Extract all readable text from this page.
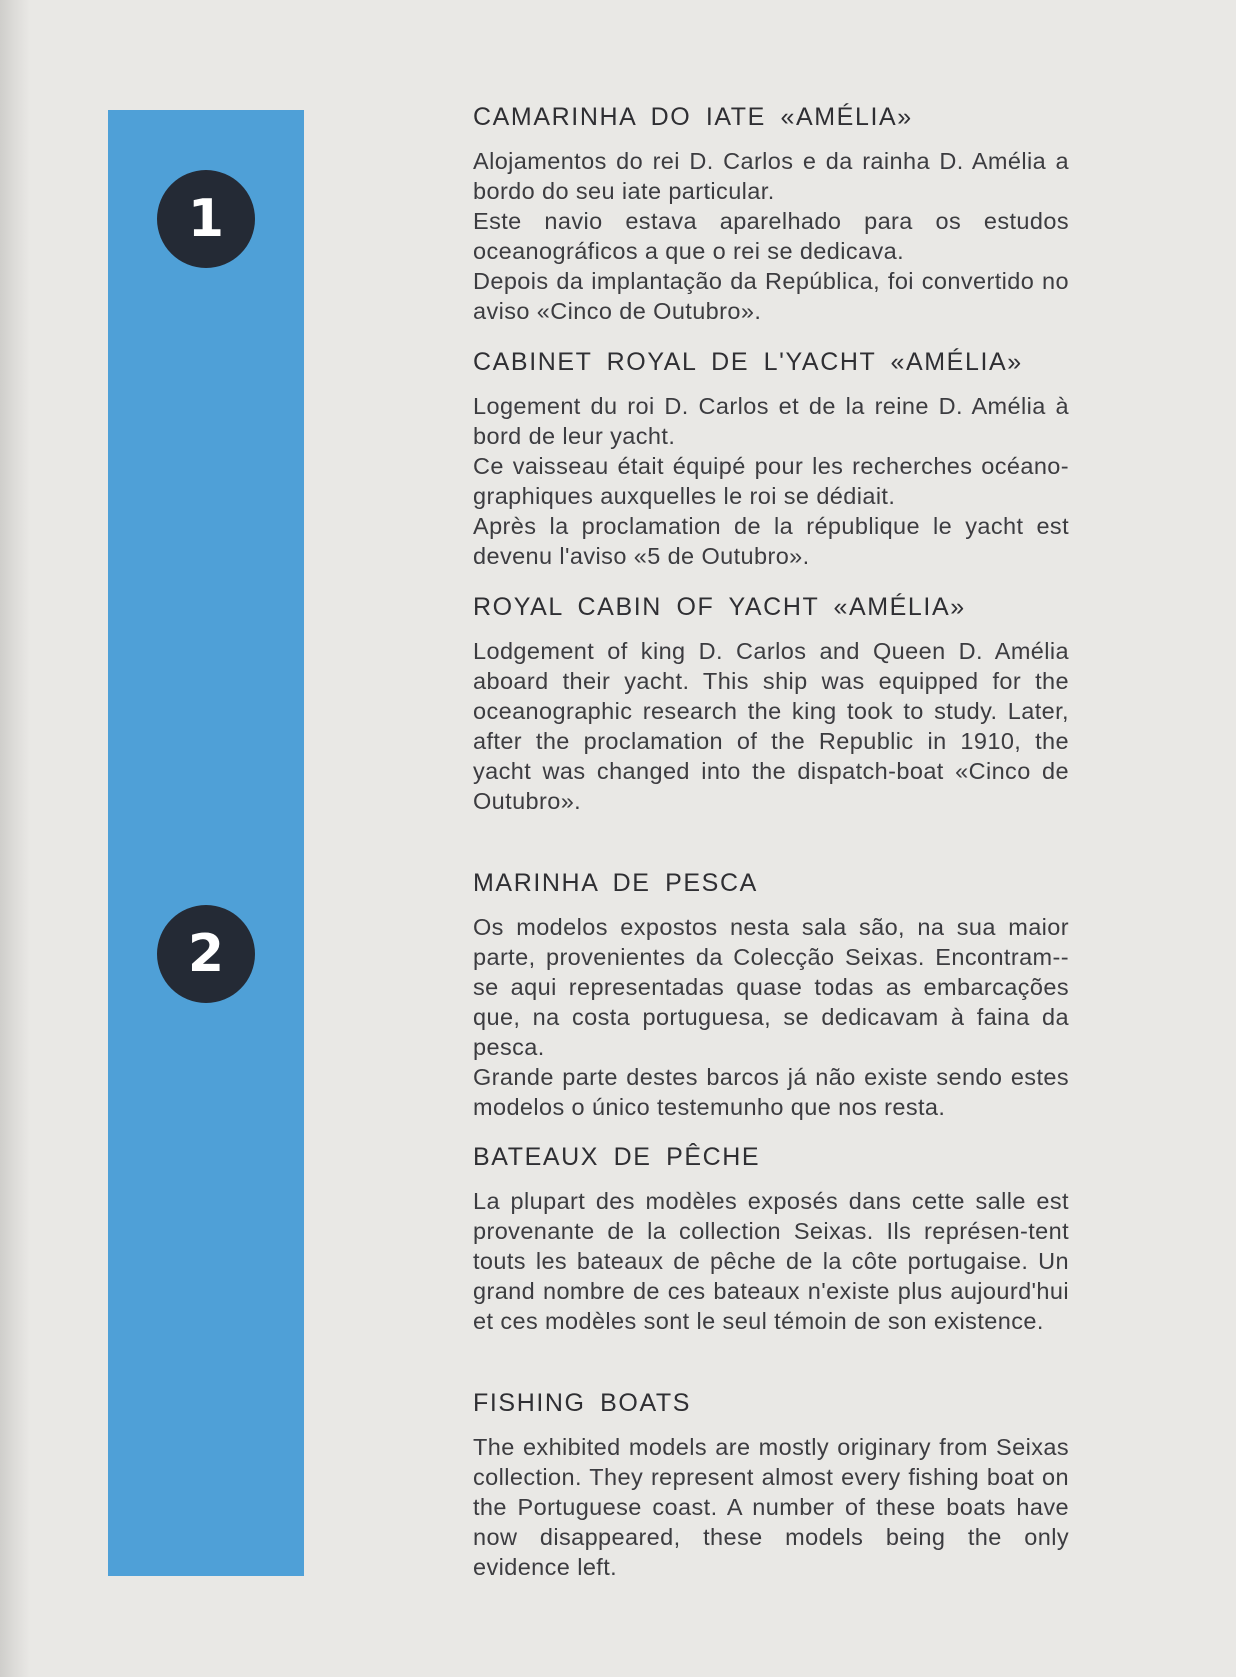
1
2
CAMARINHA DO IATE «AMÉLIA»

Alojamentos do rei D. Carlos e da rainha D. Amélia a bordo do seu iate particular.

Este navio estava aparelhado para os estudos oceanográficos a que o rei se dedicava.

Depois da implantação da República, foi convertido no aviso «Cinco de Outubro».

CABINET ROYAL DE L'YACHT «AMÉLIA»

Logement du roi D. Carlos et de la reine D. Amélia à bord de leur yacht.

Ce vaisseau était équipé pour les recherches océano-graphiques auxquelles le roi se dédiait.

Après la proclamation de la république le yacht est devenu l'aviso «5 de Outubro».

ROYAL CABIN OF YACHT «AMÉLIA»

Lodgement of king D. Carlos and Queen D. Amélia aboard their yacht. This ship was equipped for the oceanographic research the king took to study. Later, after the proclamation of the Republic in 1910, the yacht was changed into the dispatch-boat «Cinco de Outubro».

MARINHA DE PESCA

Os modelos expostos nesta sala são, na sua maior parte, provenientes da Colecção Seixas. Encontram--se aqui representadas quase todas as embarcações que, na costa portuguesa, se dedicavam à faina da pesca.

Grande parte destes barcos já não existe sendo estes modelos o único testemunho que nos resta.

BATEAUX DE PÊCHE

La plupart des modèles exposés dans cette salle est provenante de la collection Seixas. Ils représen-tent touts les bateaux de pêche de la côte portugaise. Un grand nombre de ces bateaux n'existe plus aujourd'hui et ces modèles sont le seul témoin de son existence.

FISHING BOATS

The exhibited models are mostly originary from Seixas collection. They represent almost every fishing boat on the Portuguese coast. A number of these boats have now disappeared, these models being the only evidence left.
